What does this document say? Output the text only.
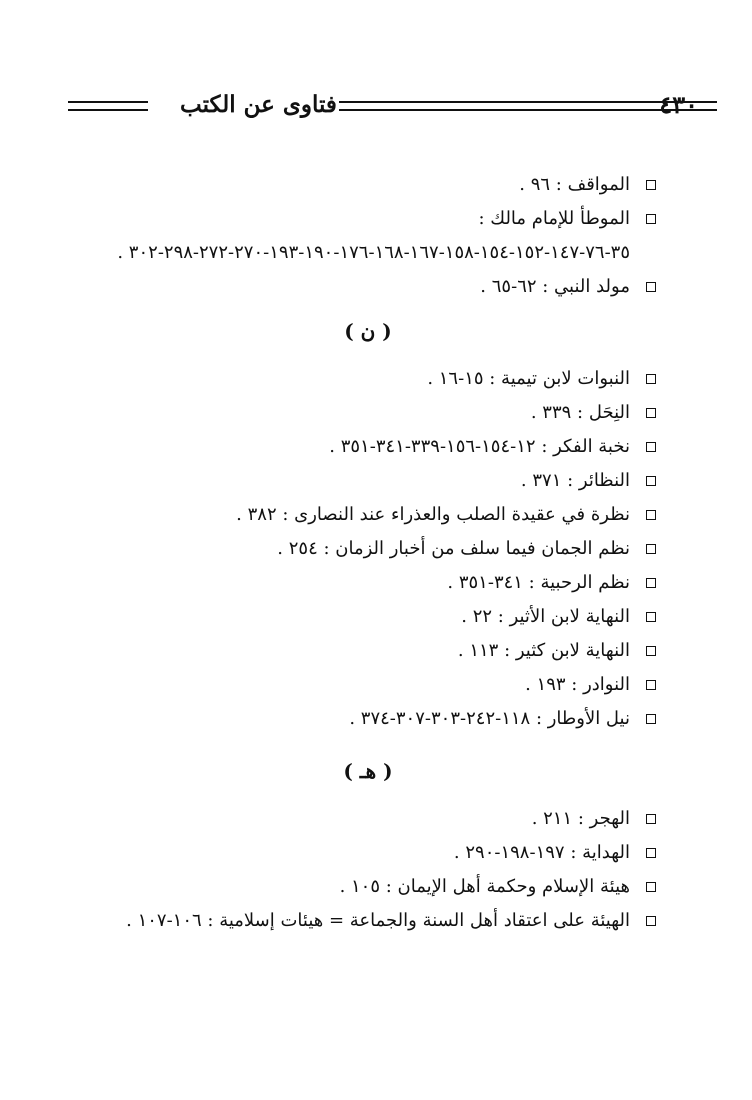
فتاوى عن الكتب	٤٣٠
المواقف : ٩٦ .
الموطأ للإمام مالك : ٣٥-٧٦-١٤٧-١٥٢-١٥٤-١٥٨-١٦٧-١٦٨-١٧٦-١٩٠-١٩٣-٢٧٠-٢٧٢-٢٩٨-٣٠٢ .
مولد النبي : ٦٢-٦٥ .
( ن )
النبوات لابن تيمية : ١٥-١٦ .
النِحَل : ٣٣٩ .
نخبة الفكر : ١٢-١٥٤-١٥٦-٣٣٩-٣٤١-٣٥١ .
النظائر : ٣٧١ .
نظرة في عقيدة الصلب والعذراء عند النصارى : ٣٨٢ .
نظم الجمان فيما سلف من أخبار الزمان : ٢٥٤ .
نظم الرحبية : ٣٤١-٣٥١ .
النهاية لابن الأثير : ٢٢ .
النهاية لابن كثير : ١١٣ .
النوادر : ١٩٣ .
نيل الأوطار : ١١٨-٢٤٢-٣٠٣-٣٠٧-٣٧٤ .
( هـ )
الهجر : ٢١١ .
الهداية : ١٩٧-١٩٨-٢٩٠ .
هيئة الإسلام وحكمة أهل الإيمان : ١٠٥ .
الهيئة على اعتقاد أهل السنة والجماعة = هيئات إسلامية : ١٠٦-١٠٧ .
